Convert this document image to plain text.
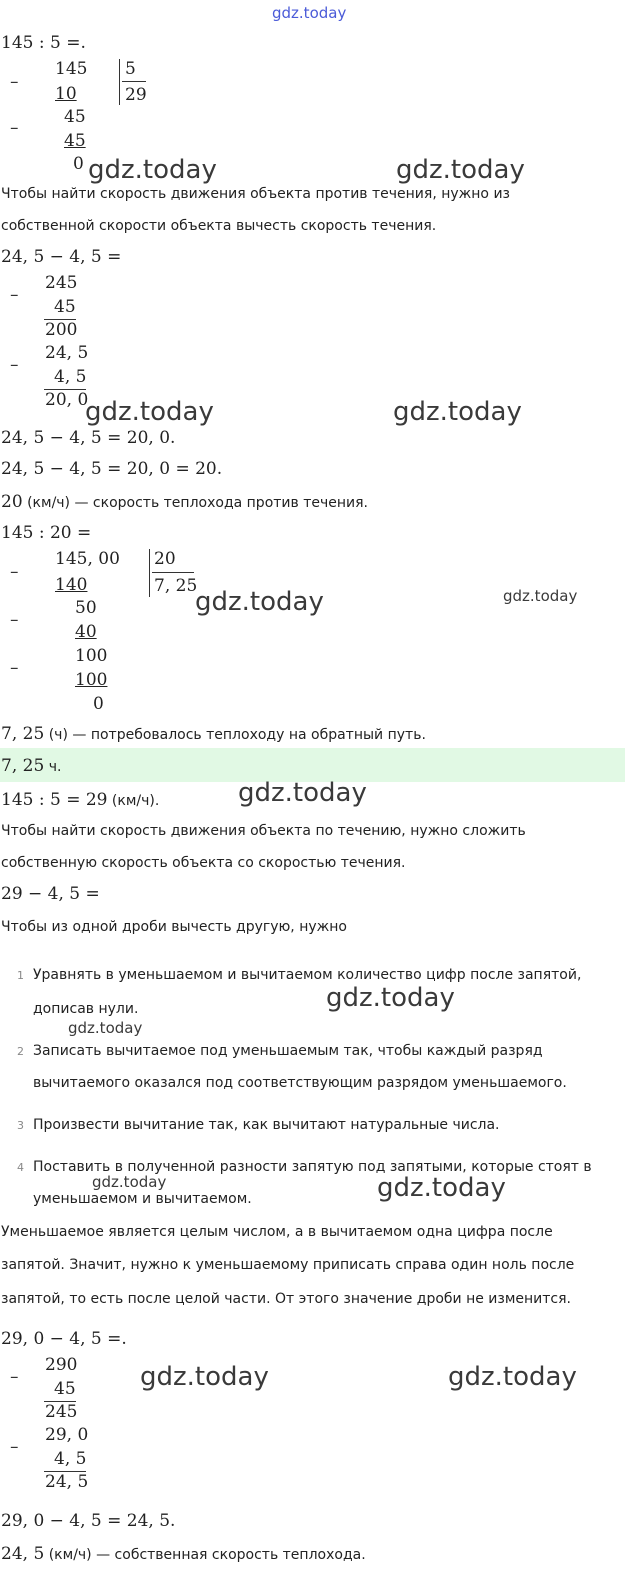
gdz.today
145 : 5 =.
–
145 5
10	29
–
45
45
0 gdz.today	gdz.today
Чтобы найти скорость движения объекта против течения, нужно из
собственной скорости объекта вычесть скорость течения.
24, 5 − 4, 5 =
–
245
45
200
–
24, 5
4, 5
20, 0
gdz.today	gdz.today
24, 5 − 4, 5 = 20, 0.
24, 5 − 4, 5 = 20, 0 = 20.
20 (км/ч) — скорость теплохода против течения.
145 : 20 =
–
145, 00 20
140	7, 25
gdz.today	gdz.today
–
50
40
–
100
100
0
7, 25 (ч) — потребовалось теплоходу на обратный путь.
7, 25 ч.
145 : 5 = 29 (км/ч).	gdz.today
Чтобы найти скорость движения объекта по течению, нужно сложить
собственную скорость объекта со скоростью течения.
29 − 4, 5 =
Чтобы из одной дроби вычесть другую, нужно
1 Уравнять в уменьшаемом и вычитаемом количество цифр после запятой,
дописав нули.	gdz.today
gdz.today
2 Записать вычитаемое под уменьшаемым так, чтобы каждый разряд
вычитаемого оказался под соответствующим разрядом уменьшаемого.
3 Произвести вычитание так, как вычитают натуральные числа.
4 Поставить в полученной разности запятую под запятыми, которые стоят в
gdz.today
уменьшаемом и вычитаемом.	gdz.today
Уменьшаемое является целым числом, а в вычитаемом одна цифра после
запятой. Значит, нужно к уменьшаемому приписать справа один ноль после
запятой, то есть после целой части. От этого значение дроби не изменится.
29, 0 − 4, 5 =.
–
290
45
245
gdz.today	gdz.today
–
29, 0
4, 5
24, 5
29, 0 − 4, 5 = 24, 5.
24, 5 (км/ч) — собственная скорость теплохода.
